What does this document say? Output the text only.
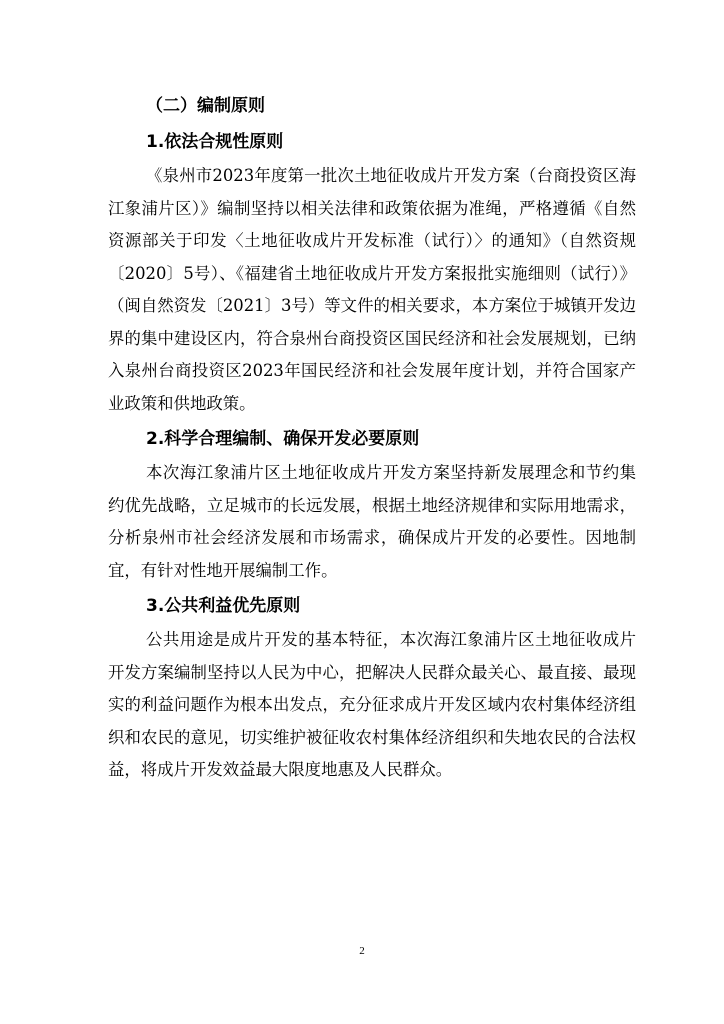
（二）编制原则
1.依法合规性原则

《泉州市2023年度第一批次土地征收成片开发方案（台商投资区海江象浦片区）》编制坚持以相关法律和政策依据为准绳，严格遵循《自然资源部关于印发〈土地征收成片开发标准（试行）〉的通知》（自然资规〔2020〕5号）、《福建省土地征收成片开发方案报批实施细则（试行）》（闽自然资发〔2021〕3号）等文件的相关要求，本方案位于城镇开发边界的集中建设区内，符合泉州台商投资区国民经济和社会发展规划，已纳入泉州台商投资区2023年国民经济和社会发展年度计划，并符合国家产业政策和供地政策。

2.科学合理编制、确保开发必要原则

本次海江象浦片区土地征收成片开发方案坚持新发展理念和节约集约优先战略，立足城市的长远发展，根据土地经济规律和实际用地需求，分析泉州市社会经济发展和市场需求，确保成片开发的必要性。因地制宜，有针对性地开展编制工作。

3.公共利益优先原则

公共用途是成片开发的基本特征，本次海江象浦片区土地征收成片开发方案编制坚持以人民为中心，把解决人民群众最关心、最直接、最现实的利益问题作为根本出发点，充分征求成片开发区域内农村集体经济组织和农民的意见，切实维护被征收农村集体经济组织和失地农民的合法权益，将成片开发效益最大限度地惠及人民群众。

2
